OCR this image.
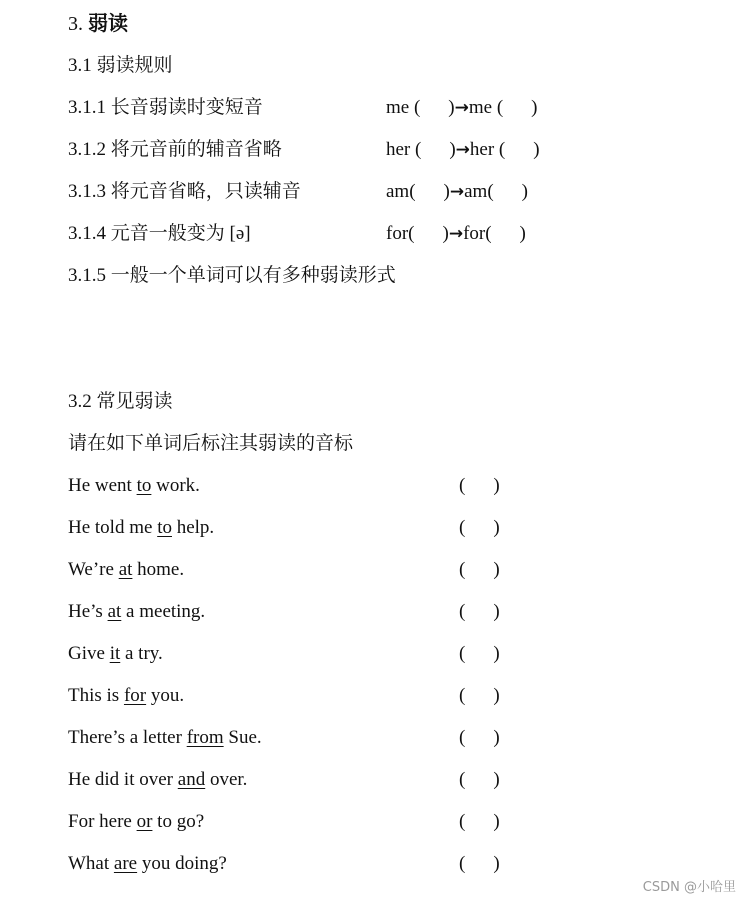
3. 弱读
3.1 弱读规则
3.1.1 长音弱读时变短音	me ( )→me ( )
3.1.2 将元音前的辅音省略	her ( )→her ( )
3.1.3 将元音省略，只读辅音	am( )→am( )
3.1.4 元音一般变为 [ə]	for( )→for( )
3.1.5 一般一个单词可以有多种弱读形式
3.2 常见弱读
请在如下单词后标注其弱读的音标
He went to work.	( )
He told me to help.	( )
We’re at home.	( )
He’s at a meeting.	( )
Give it a try.	( )
This is for you.	( )
There’s a letter from Sue.	( )
He did it over and over.	( )
For here or to go?	( )
What are you doing?	( )
CSDN @小哈里
